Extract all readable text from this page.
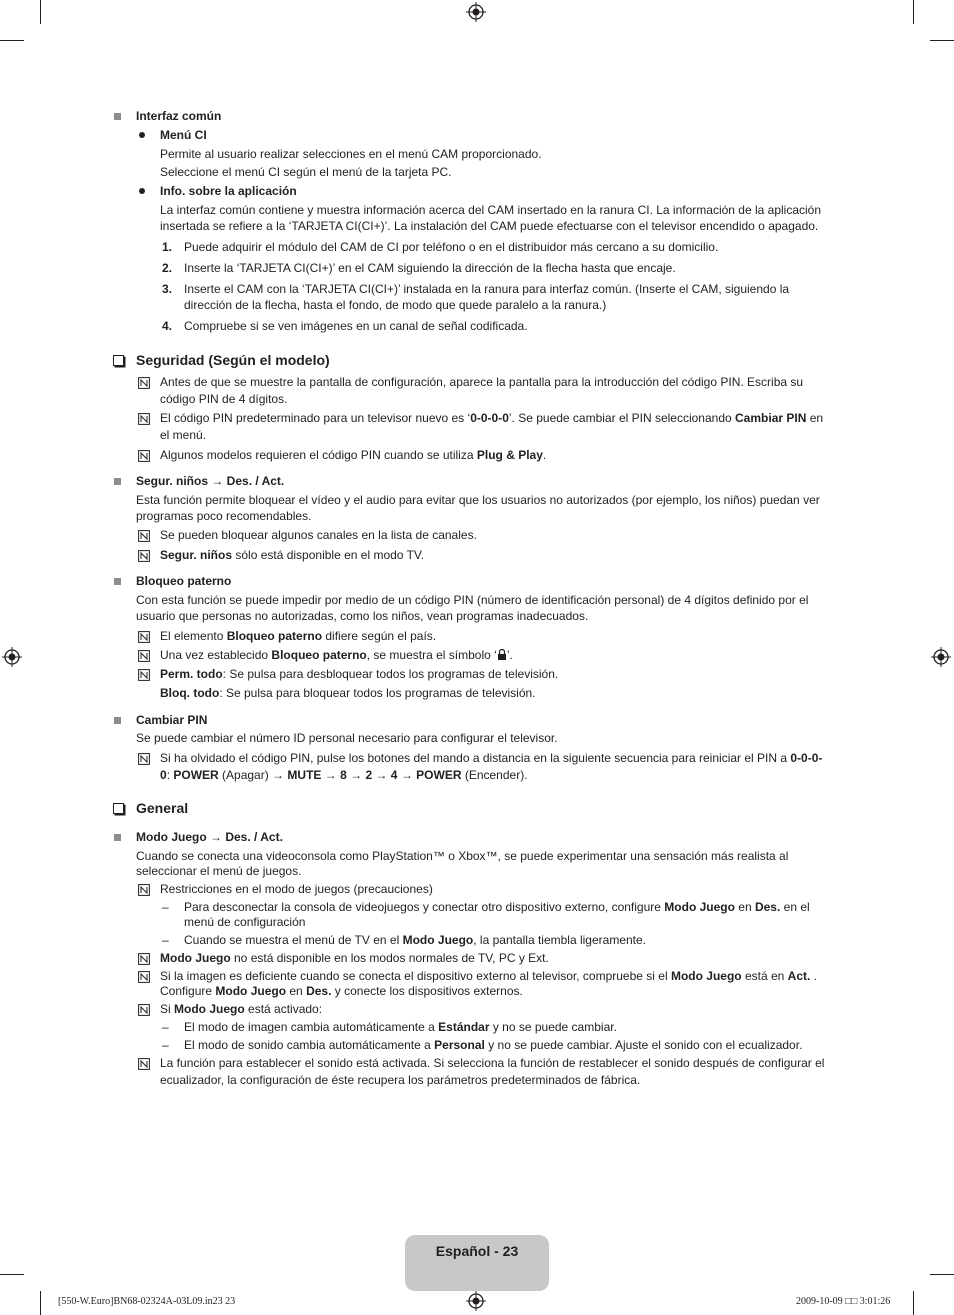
Interfaz común
Menú CI
Permite al usuario realizar selecciones en el menú CAM proporcionado.
Seleccione el menú CI según el menú de la tarjeta PC.
Info. sobre la aplicación
La interfaz común contiene y muestra información acerca del CAM insertado en la ranura CI. La información de la aplicación
insertada se refiere a la ‘TARJETA CI(CI+)’. La instalación del CAM puede efectuarse con el televisor encendido o apagado.
1. Puede adquirir el módulo del CAM de CI por teléfono o en el distribuidor más cercano a su domicilio.
2. Inserte la ‘TARJETA CI(CI+)’ en el CAM siguiendo la dirección de la flecha hasta que encaje.
3. Inserte el CAM con la ‘TARJETA CI(CI+)’ instalada en la ranura para interfaz común. (Inserte el CAM, siguiendo la
dirección de la flecha, hasta el fondo, de modo que quede paralelo a la ranura.)
4. Compruebe si se ven imágenes en un canal de señal codificada.
Seguridad (Según el modelo)
Antes de que se muestre la pantalla de configuración, aparece la pantalla para la introducción del código PIN. Escriba su
código PIN de 4 dígitos.
El código PIN predeterminado para un televisor nuevo es ‘0-0-0-0’. Se puede cambiar el PIN seleccionando Cambiar PIN en
el menú.
Algunos modelos requieren el código PIN cuando se utiliza Plug & Play.
Segur. niños → Des. / Act.
Esta función permite bloquear el vídeo y el audio para evitar que los usuarios no autorizados (por ejemplo, los niños) puedan ver
programas poco recomendables.
Se pueden bloquear algunos canales en la lista de canales.
Segur. niños sólo está disponible en el modo TV.
Bloqueo paterno
Con esta función se puede impedir por medio de un código PIN (número de identificación personal) de 4 dígitos definido por el
usuario que personas no autorizadas, como los niños, vean programas inadecuados.
El elemento Bloqueo paterno difiere según el país.
Una vez establecido Bloqueo paterno, se muestra el símbolo ‘ ’.
Perm. todo: Se pulsa para desbloquear todos los programas de televisión.
Bloq. todo: Se pulsa para bloquear todos los programas de televisión.
Cambiar PIN
Se puede cambiar el número ID personal necesario para configurar el televisor.
Si ha olvidado el código PIN, pulse los botones del mando a distancia en la siguiente secuencia para reiniciar el PIN a 0-0-0-
0: POWER (Apagar) → MUTE → 8 → 2 → 4 → POWER (Encender).
General
Modo Juego → Des. / Act.
Cuando se conecta una videoconsola como PlayStation™ o Xbox™, se puede experimentar una sensación más realista al
seleccionar el menú de juegos.
Restricciones en el modo de juegos (precauciones)
– Para desconectar la consola de videojuegos y conectar otro dispositivo externo, configure Modo Juego en Des. en el
menú de configuración
– Cuando se muestra el menú de TV en el Modo Juego, la pantalla tiembla ligeramente.
Modo Juego no está disponible en los modos normales de TV, PC y Ext.
Si la imagen es deficiente cuando se conecta el dispositivo externo al televisor, compruebe si el Modo Juego está en Act. .
Configure Modo Juego en Des. y conecte los dispositivos externos.
Si Modo Juego está activado:
– El modo de imagen cambia automáticamente a Estándar y no se puede cambiar.
– El modo de sonido cambia automáticamente a Personal y no se puede cambiar. Ajuste el sonido con el ecualizador.
La función para establecer el sonido está activada. Si selecciona la función de restablecer el sonido después de configurar el
ecualizador, la configuración de éste recupera los parámetros predeterminados de fábrica.
Español - 23
[550-W.Euro]BN68-02324A-03L09.in23 23	2009-10-09 □□ 3:01:26
